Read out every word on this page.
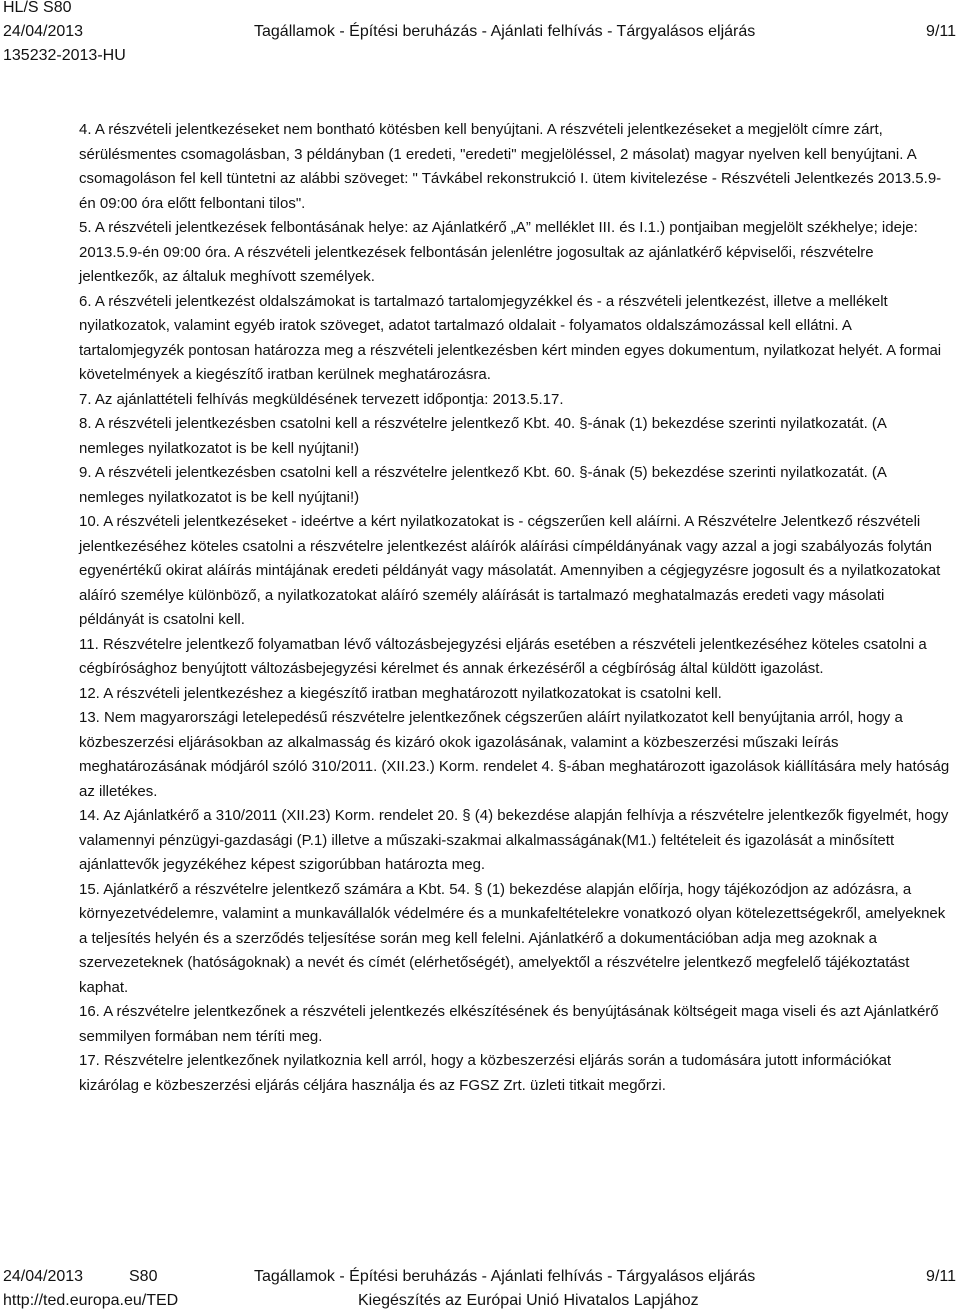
HL/S S80
24/04/2013
135232-2013-HU
Tagállamok - Építési beruházás - Ajánlati felhívás - Tárgyalásos eljárás	9/11

4. A részvételi jelentkezéseket nem bontható kötésben kell benyújtani. A részvételi jelentkezéseket a megjelölt címre zárt, sérülésmentes csomagolásban, 3 példányban (1 eredeti, "eredeti" megjelöléssel, 2 másolat) magyar nyelven kell benyújtani. A csomagoláson fel kell tüntetni az alábbi szöveget: " Távkábel rekonstrukció I. ütem kivitelezése - Részvételi Jelentkezés 2013.5.9-én 09:00 óra előtt felbontani tilos".

5. A részvételi jelentkezések felbontásának helye: az Ajánlatkérő „A” melléklet III. és I.1.) pontjaiban megjelölt székhelye; ideje: 2013.5.9-én 09:00 óra. A részvételi jelentkezések felbontásán jelenlétre jogosultak az ajánlatkérő képviselői, részvételre jelentkezők, az általuk meghívott személyek.

6. A részvételi jelentkezést oldalszámokat is tartalmazó tartalomjegyzékkel és - a részvételi jelentkezést, illetve a mellékelt nyilatkozatok, valamint egyéb iratok szöveget, adatot tartalmazó oldalait - folyamatos oldalszámozással kell ellátni. A tartalomjegyzék pontosan határozza meg a részvételi jelentkezésben kért minden egyes dokumentum, nyilatkozat helyét. A formai követelmények a kiegészítő iratban kerülnek meghatározásra.

7. Az ajánlattételi felhívás megküldésének tervezett időpontja: 2013.5.17.

8. A részvételi jelentkezésben csatolni kell a részvételre jelentkező Kbt. 40. §-ának (1) bekezdése szerinti nyilatkozatát. (A nemleges nyilatkozatot is be kell nyújtani!)

9. A részvételi jelentkezésben csatolni kell a részvételre jelentkező Kbt. 60. §-ának (5) bekezdése szerinti nyilatkozatát. (A nemleges nyilatkozatot is be kell nyújtani!)

10. A részvételi jelentkezéseket - ideértve a kért nyilatkozatokat is - cégszerűen kell aláírni. A Részvételre Jelentkező részvételi jelentkezéséhez köteles csatolni a részvételre jelentkezést aláírók aláírási címpéldányának vagy azzal a jogi szabályozás folytán egyenértékű okirat aláírás mintájának eredeti példányát vagy másolatát. Amennyiben a cégjegyzésre jogosult és a nyilatkozatokat aláíró személye különböző, a nyilatkozatokat aláíró személy aláírását is tartalmazó meghatalmazás eredeti vagy másolati példányát is csatolni kell.

11. Részvételre jelentkező folyamatban lévő változásbejegyzési eljárás esetében a részvételi jelentkezéséhez köteles csatolni a cégbírósághoz benyújtott változásbejegyzési kérelmet és annak érkezéséről a cégbíróság által küldött igazolást.

12. A részvételi jelentkezéshez a kiegészítő iratban meghatározott nyilatkozatokat is csatolni kell.

13. Nem magyarországi letelepedésű részvételre jelentkezőnek cégszerűen aláírt nyilatkozatot kell benyújtania arról, hogy a közbeszerzési eljárásokban az alkalmasság és kizáró okok igazolásának, valamint a közbeszerzési műszaki leírás meghatározásának módjáról szóló 310/2011. (XII.23.) Korm. rendelet 4. §-ában meghatározott igazolások kiállítására mely hatóság az illetékes.

14. Az Ajánlatkérő a 310/2011 (XII.23) Korm. rendelet 20. § (4) bekezdése alapján felhívja a részvételre jelentkezők figyelmét, hogy valamennyi pénzügyi-gazdasági (P.1) illetve a műszaki-szakmai alkalmasságának(M1.) feltételeit és igazolását a minősített ajánlattevők jegyzékéhez képest szigorúbban határozta meg.

15. Ajánlatkérő a részvételre jelentkező számára a Kbt. 54. § (1) bekezdése alapján előírja, hogy tájékozódjon az adózásra, a környezetvédelemre, valamint a munkavállalók védelmére és a munkafeltételekre vonatkozó olyan kötelezettségekről, amelyeknek a teljesítés helyén és a szerződés teljesítése során meg kell felelni. Ajánlatkérő a dokumentációban adja meg azoknak a szervezeteknek (hatóságoknak) a nevét és címét (elérhetőségét), amelyektől a részvételre jelentkező megfelelő tájékoztatást kaphat.

16. A részvételre jelentkezőnek a részvételi jelentkezés elkészítésének és benyújtásának költségeit maga viseli és azt Ajánlatkérő semmilyen formában nem téríti meg.

17. Részvételre jelentkezőnek nyilatkoznia kell arról, hogy a közbeszerzési eljárás során a tudomására jutott információkat kizárólag e közbeszerzési eljárás céljára használja és az FGSZ Zrt. üzleti titkait megőrzi.

24/04/2013	S80
http://ted.europa.eu/TED
Tagállamok - Építési beruházás - Ajánlati felhívás - Tárgyalásos eljárás
Kiegészítés az Európai Unió Hivatalos Lapjához
9/11
